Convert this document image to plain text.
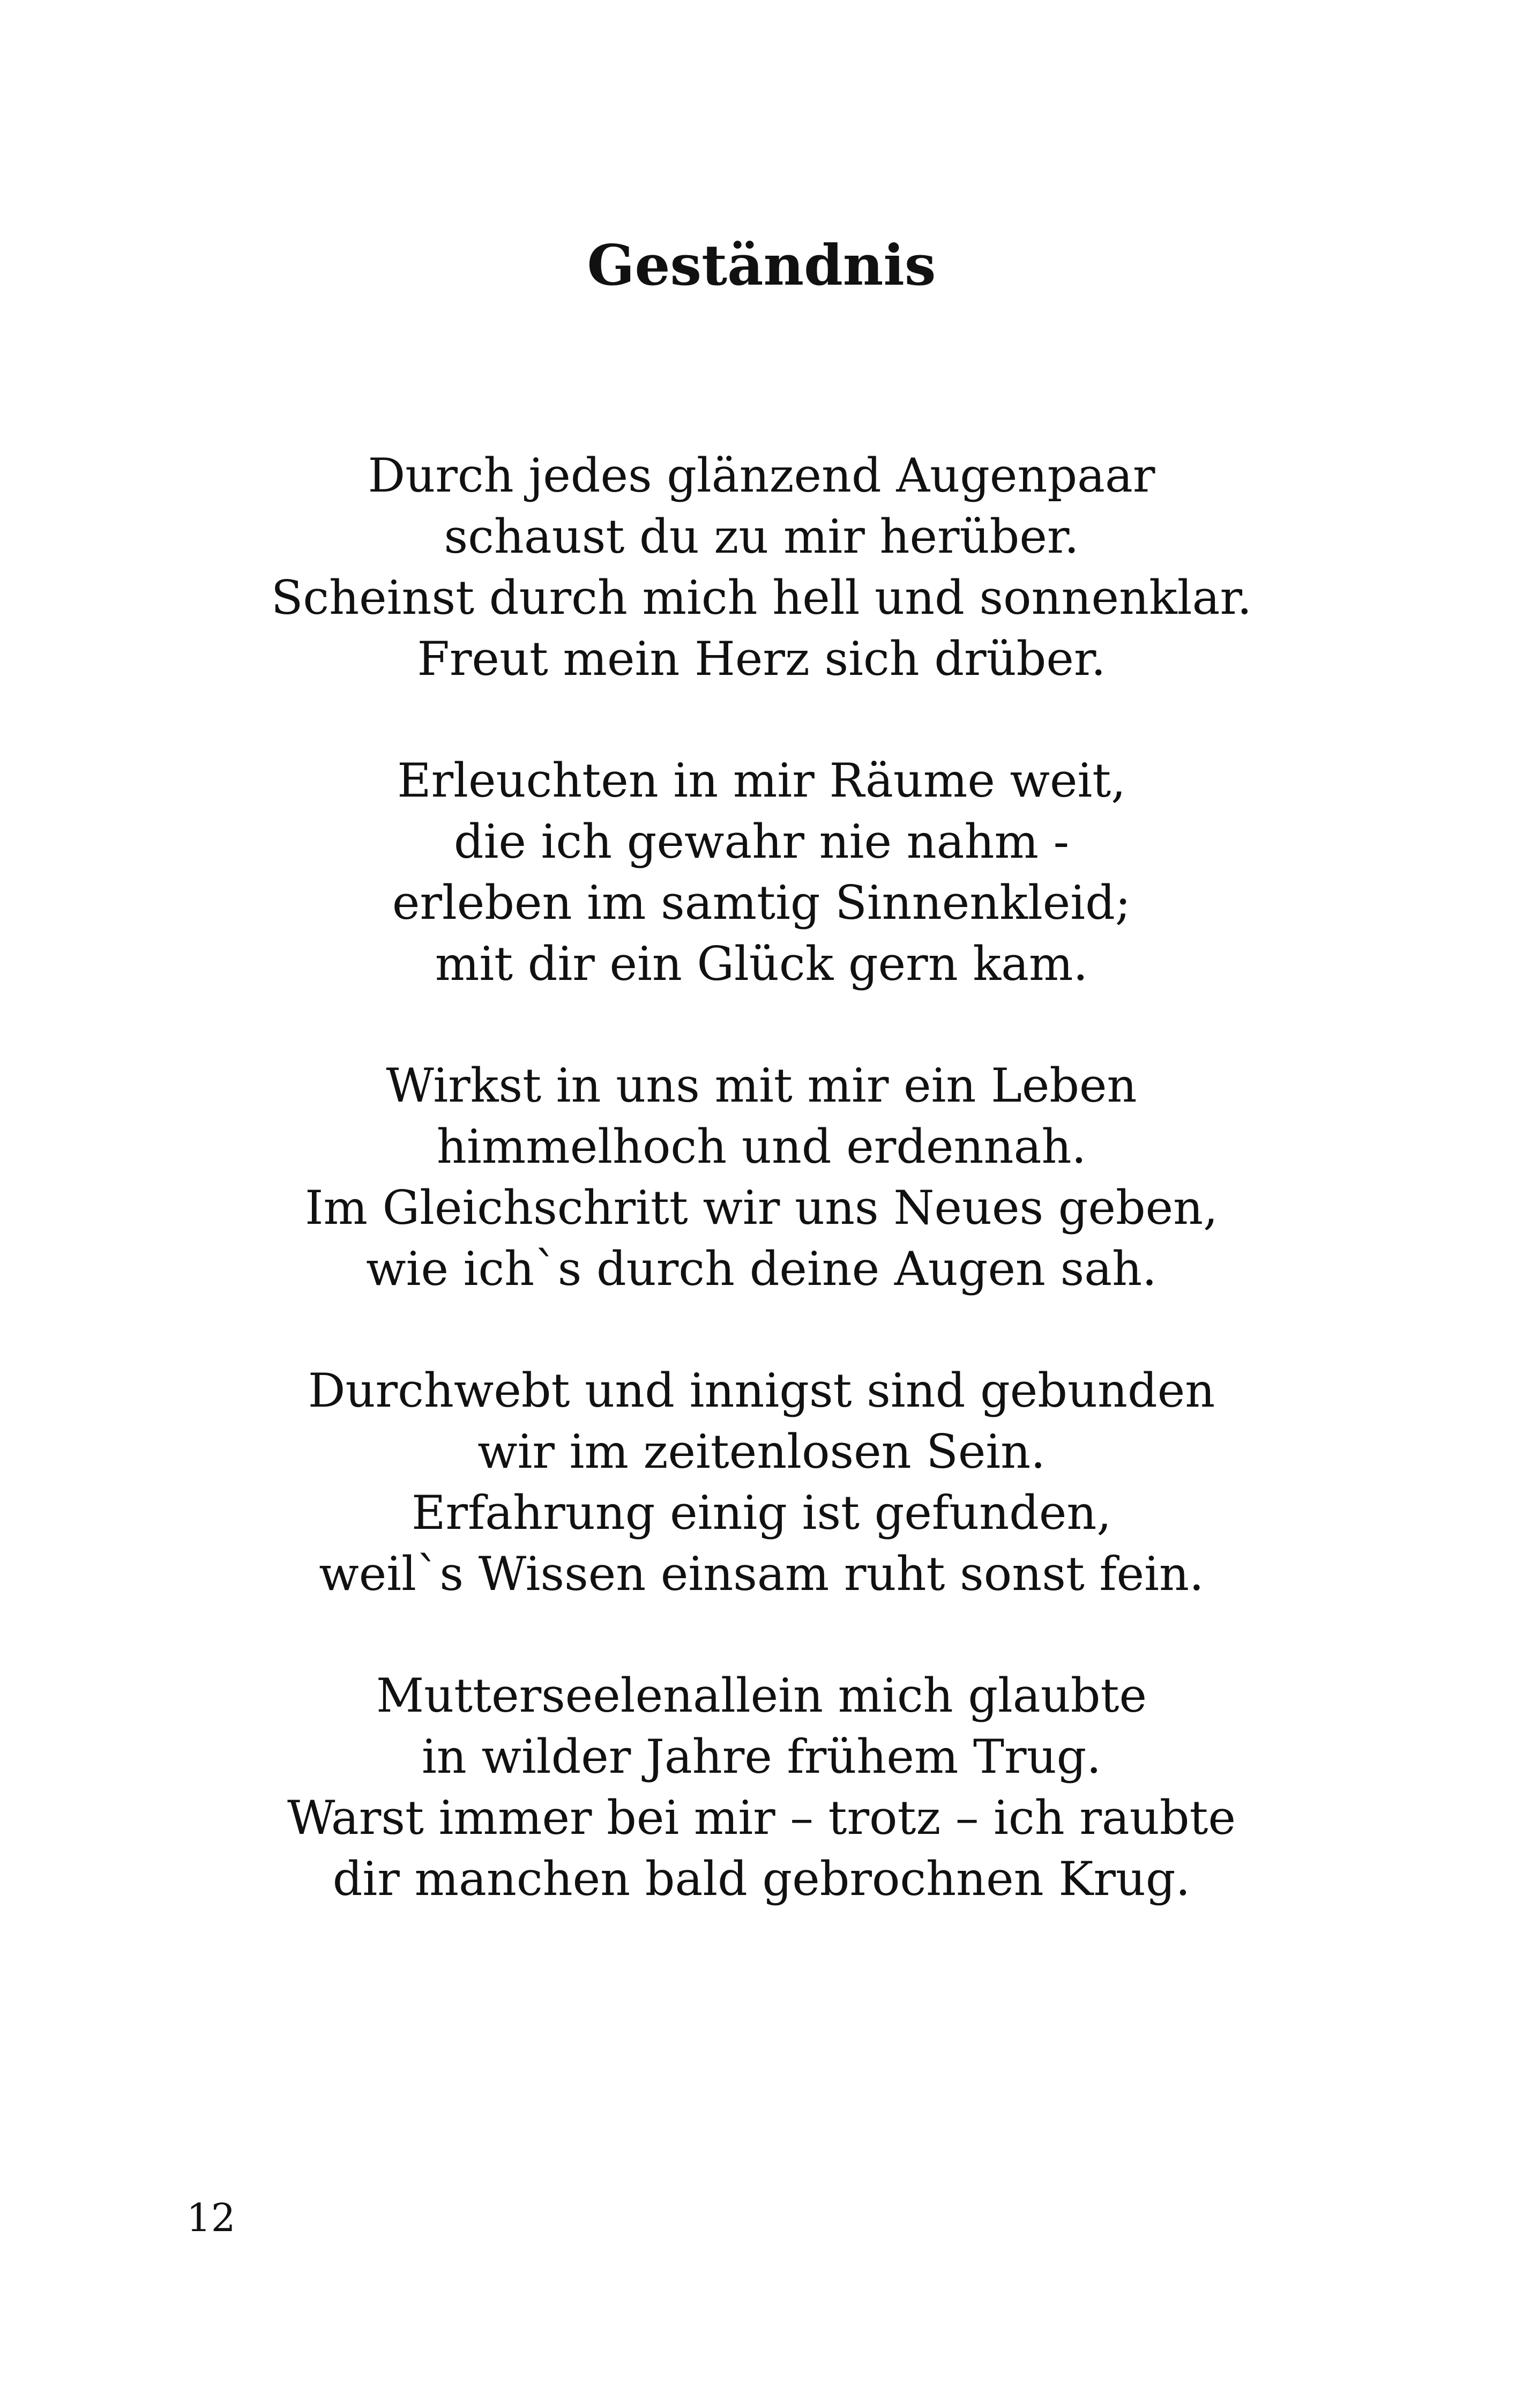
Geständnis
Durch jedes glänzend Augenpaar
schaust du zu mir herüber.
Scheinst durch mich hell und sonnenklar.
Freut mein Herz sich drüber.
Erleuchten in mir Räume weit,
die ich gewahr nie nahm -
erleben im samtig Sinnenkleid;
mit dir ein Glück gern kam.
Wirkst in uns mit mir ein Leben
himmelhoch und erdennah.
Im Gleichschritt wir uns Neues geben,
wie ich`s durch deine Augen sah.
Durchwebt und innigst sind gebunden
wir im zeitenlosen Sein.
Erfahrung einig ist gefunden,
weil`s Wissen einsam ruht sonst fein.
Mutterseelenallein mich glaubte
in wilder Jahre frühem Trug.
Warst immer bei mir – trotz – ich raubte
dir manchen bald gebrochnen Krug.
12
